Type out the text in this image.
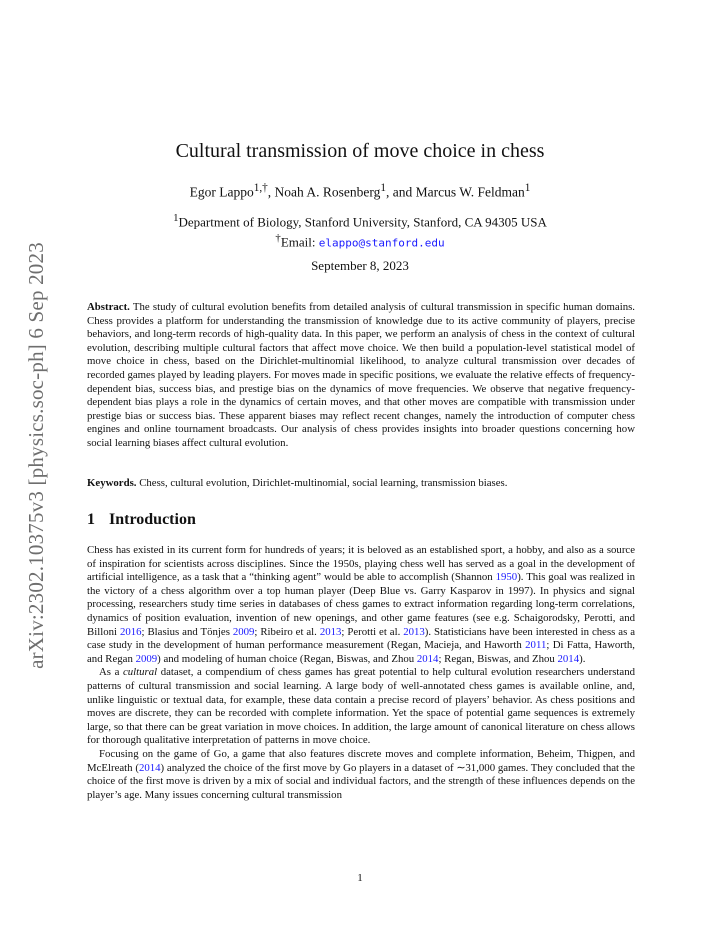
arXiv:2302.10375v3 [physics.soc-ph] 6 Sep 2023
Cultural transmission of move choice in chess
Egor Lappo$^{1,\dagger}$, Noah A. Rosenberg$^1$, and Marcus W. Feldman$^1$
$^1$Department of Biology, Stanford University, Stanford, CA 94305 USA
†Email: elappo@stanford.edu
September 8, 2023
Abstract. The study of cultural evolution benefits from detailed analysis of cultural transmission in specific human domains. Chess provides a platform for understanding the transmission of knowledge due to its active community of players, precise behaviors, and long-term records of high-quality data. In this paper, we perform an analysis of chess in the context of cultural evolution, describing multiple cultural factors that affect move choice. We then build a population-level statistical model of move choice in chess, based on the Dirichlet-multinomial likelihood, to analyze cultural transmission over decades of recorded games played by leading players. For moves made in specific positions, we evaluate the relative effects of frequency-dependent bias, success bias, and prestige bias on the dynamics of move frequencies. We observe that negative frequency-dependent bias plays a role in the dynamics of certain moves, and that other moves are compatible with transmission under prestige bias or success bias. These apparent biases may reflect recent changes, namely the introduction of computer chess engines and online tournament broadcasts. Our analysis of chess provides insights into broader questions concerning how social learning biases affect cultural evolution.
Keywords. Chess, cultural evolution, Dirichlet-multinomial, social learning, transmission biases.
1 Introduction

Chess has existed in its current form for hundreds of years; it is beloved as an established sport, a hobby, and also as a source of inspiration for scientists across disciplines. Since the 1950s, playing chess well has served as a goal in the development of artificial intelligence, as a task that a “thinking agent” would be able to accomplish (Shannon 1950). This goal was realized in the victory of a chess algorithm over a top human player (Deep Blue vs. Garry Kasparov in 1997). In physics and signal processing, researchers study time series in databases of chess games to extract information regarding long-term correlations, dynamics of position evaluation, invention of new openings, and other game features (see e.g. Schaigorodsky, Perotti, and Billoni 2016; Blasius and Tönjes 2009; Ribeiro et al. 2013; Perotti et al. 2013). Statisticians have been interested in chess as a case study in the development of human performance measurement (Regan, Macieja, and Haworth 2011; Di Fatta, Haworth, and Regan 2009) and modeling of human choice (Regan, Biswas, and Zhou 2014; Regan, Biswas, and Zhou 2014).

As a cultural dataset, a compendium of chess games has great potential to help cultural evolution researchers understand patterns of cultural transmission and social learning. A large body of well-annotated chess games is available online, and, unlike linguistic or textual data, for example, these data contain a precise record of players’ behavior. As chess positions and moves are discrete, they can be recorded with complete information. Yet the space of potential game sequences is extremely large, so that there can be great variation in move choices. In addition, the large amount of canonical literature on chess allows for thorough qualitative interpretation of patterns in move choice.

Focusing on the game of Go, a game that also features discrete moves and complete information, Beheim, Thigpen, and McElreath (2014) analyzed the choice of the first move by Go players in a dataset of ∼31,000 games. They concluded that the choice of the first move is driven by a mix of social and individual factors, and the strength of these influences depends on the player’s age. Many issues concerning cultural transmission

1
